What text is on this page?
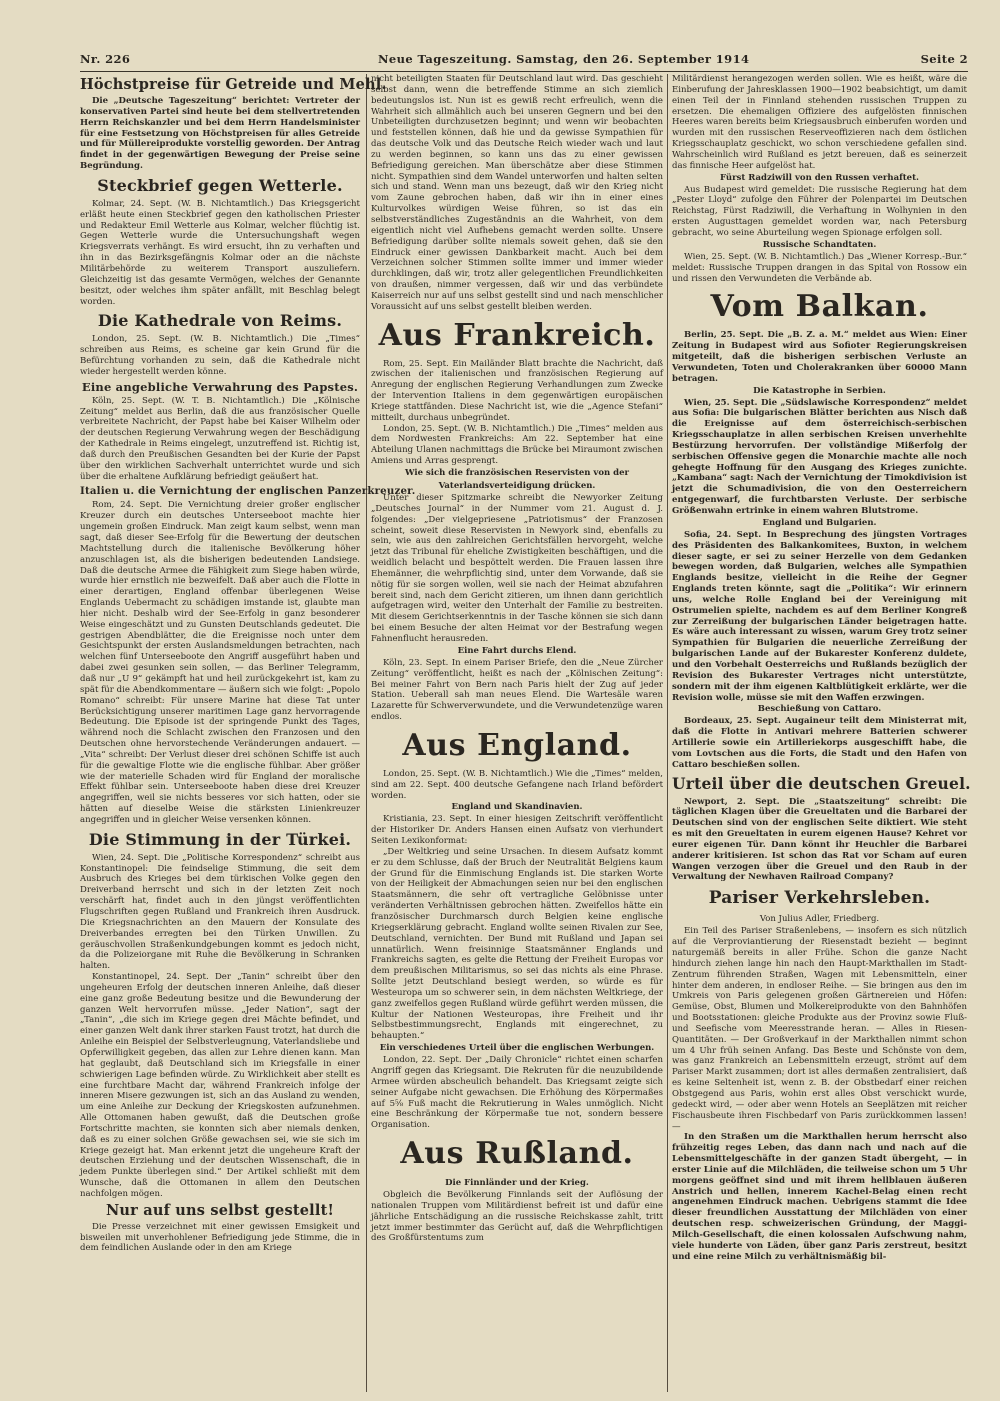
Nr. 226	Neue Tageszeitung. Samstag, den 26. September 1914	Seite 2
Höchstpreise für Getreide und Mehl.

Die „Deutsche Tageszeitung“ berichtet: Vertreter der konservativen Partei sind heute bei dem stellvertretenden Herrn Reichskanzler und bei dem Herrn Handelsminister für eine Festsetzung von Höchstpreisen für alles Getreide und für Müllereiprodukte vorstellig geworden. Der Antrag findet in der gegenwärtigen Bewegung der Preise seine Begründung.

Steckbrief gegen Wetterle.

Kolmar, 24. Sept. (W. B. Nichtamtlich.) Das Kriegsgericht erläßt heute einen Steckbrief gegen den katholischen Priester und Redakteur Emil Wetterle aus Kolmar, welcher flüchtig ist. Gegen Wetterle wurde die Untersuchungshaft wegen Kriegsverrats verhängt. Es wird ersucht, ihn zu verhaften und ihn in das Bezirksgefängnis Kolmar oder an die nächste Militärbehörde zu weiterem Transport auszuliefern. Gleichzeitig ist das gesamte Vermögen, welches der Genannte besitzt, oder welches ihm später anfällt, mit Beschlag belegt worden.

Die Kathedrale von Reims.

London, 25. Sept. (W. B. Nichtamtlich.) Die „Times“ schreiben aus Reims, es scheine gar kein Grund für die Befürchtung vorhanden zu sein, daß die Kathedrale nicht wieder hergestellt werden könne.

Eine angebliche Verwahrung des Papstes.

Köln, 25. Sept. (W. T. B. Nichtamtlich.) Die „Kölnische Zeitung“ meldet aus Berlin, daß die aus französischer Quelle verbreitete Nachricht, der Papst habe bei Kaiser Wilhelm oder der deutschen Regierung Verwahrung wegen der Beschädigung der Kathedrale in Reims eingelegt, unzutreffend ist. Richtig ist, daß durch den Preußischen Gesandten bei der Kurie der Papst über den wirklichen Sachverhalt unterrichtet wurde und sich über die erhaltene Aufklärung befriedigt geäußert hat.

Italien u. die Vernichtung der englischen Panzerkreuzer.

Rom, 24. Sept. Die Vernichtung dreier großer englischer Kreuzer durch ein deutsches Unterseeboot machte hier ungemein großen Eindruck. Man zeigt kaum selbst, wenn man sagt, daß dieser See-Erfolg für die Bewertung der deutschen Machtstellung durch die italienische Bevölkerung höher anzuschlagen ist, als die bisherigen bedeutenden Landsiege. Daß die deutsche Armee die Fähigkeit zum Siege haben würde, wurde hier ernstlich nie bezweifelt. Daß aber auch die Flotte in einer derartigen, England offenbar überlegenen Weise Englands Uebermacht zu schädigen imstande ist, glaubte man hier nicht. Deshalb wird der See-Erfolg in ganz besonderer Weise eingeschätzt und zu Gunsten Deutschlands gedeutet. Die gestrigen Abendblätter, die die Ereignisse noch unter dem Gesichtspunkt der ersten Auslandsmeldungen betrachten, nach welchen fünf Unterseeboote den Angriff ausgeführt haben und dabei zwei gesunken sein sollen, — das Berliner Telegramm, daß nur „U 9“ gekämpft hat und heil zurückgekehrt ist, kam zu spät für die Abendkommentare — äußern sich wie folgt: „Popolo Romano“ schreibt: Für unsere Marine hat diese Tat unter Berücksichtigung unserer maritimen Lage ganz hervorragende Bedeutung. Die Episode ist der springende Punkt des Tages, während noch die Schlacht zwischen den Franzosen und den Deutschen ohne hervorstechende Veränderungen andauert. — „Vita“ schreibt: Der Verlust dieser drei schönen Schiffe ist auch für die gewaltige Flotte wie die englische fühlbar. Aber größer wie der materielle Schaden wird für England der moralische Effekt fühlbar sein. Unterseeboote haben diese drei Kreuzer angegriffen, weil sie nichts besseres vor sich hatten, oder sie hätten auf dieselbe Weise die stärksten Linienkreuzer angegriffen und in gleicher Weise versenken können.

Die Stimmung in der Türkei.

Wien, 24. Sept. Die „Politische Korrespondenz“ schreibt aus Konstantinopel: Die feindselige Stimmung, die seit dem Ausbruch des Krieges bei dem türkischen Volke gegen den Dreiverband herrscht und sich in der letzten Zeit noch verschärft hat, findet auch in den jüngst veröffentlichten Flugschriften gegen Rußland und Frankreich ihren Ausdruck. Die Kriegsnachrichten an den Mauern der Konsulate des Dreiverbandes erregten bei den Türken Unwillen. Zu geräuschvollen Straßenkundgebungen kommt es jedoch nicht, da die Polizeiorgane mit Ruhe die Bevölkerung in Schranken halten.

Konstantinopel, 24. Sept. Der „Tanin“ schreibt über den ungeheuren Erfolg der deutschen inneren Anleihe, daß dieser eine ganz große Bedeutung besitze und die Bewunderung der ganzen Welt hervorrufen müsse. „Jeder Nation“, sagt der „Tanin“, „die sich im Kriege gegen drei Mächte befindet, und einer ganzen Welt dank ihrer starken Faust trotzt, hat durch die Anleihe ein Beispiel der Selbstverleugnung, Vaterlandsliebe und Opferwilligkeit gegeben, das allen zur Lehre dienen kann. Man hat geglaubt, daß Deutschland sich im Kriegsfalle in einer schwierigen Lage befinden würde. Zu Wirklichkeit aber stellt es eine furchtbare Macht dar, während Frankreich infolge der inneren Misere gezwungen ist, sich an das Ausland zu wenden, um eine Anleihe zur Deckung der Kriegskosten aufzunehmen. Alle Ottomanen haben gewußt, daß die Deutschen große Fortschritte machten, sie konnten sich aber niemals denken, daß es zu einer solchen Größe gewachsen sei, wie sie sich im Kriege gezeigt hat. Man erkennt jetzt die ungeheure Kraft der deutschen Erziehung und der deutschen Wissenschaft, die in jedem Punkte überlegen sind.“ Der Artikel schließt mit dem Wunsche, daß die Ottomanen in allem den Deutschen nachfolgen mögen.

Nur auf uns selbst gestellt!

Die Presse verzeichnet mit einer gewissen Emsigkeit und bisweilen mit unverhohlener Befriedigung jede Stimme, die in dem feindlichen Auslande oder in den am Kriege

nicht beteiligten Staaten für Deutschland laut wird. Das geschieht selbst dann, wenn die betreffende Stimme an sich ziemlich bedeutungslos ist. Nun ist es gewiß recht erfreulich, wenn die Wahrheit sich allmählich auch bei unseren Gegnern und bei den Unbeteiligten durchzusetzen beginnt; und wenn wir beobachten und feststellen können, daß hie und da gewisse Sympathien für das deutsche Volk und das Deutsche Reich wieder wach und laut zu werden beginnen, so kann uns das zu einer gewissen Befriedigung gereichen. Man überschätze aber diese Stimmen nicht. Sympathien sind dem Wandel unterworfen und halten selten sich und stand. Wenn man uns bezeugt, daß wir den Krieg nicht vom Zaune gebrochen haben, daß wir ihn in einer eines Kulturvolkes würdigen Weise führen, so ist das ein selbstverständliches Zugeständnis an die Wahrheit, von dem eigentlich nicht viel Aufhebens gemacht werden sollte. Unsere Befriedigung darüber sollte niemals soweit gehen, daß sie den Eindruck einer gewissen Dankbarkeit macht. Auch bei dem Verzeichnen solcher Stimmen sollte immer und immer wieder durchklingen, daß wir, trotz aller gelegentlichen Freundlichkeiten von draußen, nimmer vergessen, daß wir und das verbündete Kaiserreich nur auf uns selbst gestellt sind und nach menschlicher Voraussicht auf uns selbst gestellt bleiben werden.

Aus Frankreich.

Rom, 25. Sept. Ein Mailänder Blatt brachte die Nachricht, daß zwischen der italienischen und französischen Regierung auf Anregung der englischen Regierung Verhandlungen zum Zwecke der Intervention Italiens in dem gegenwärtigen europäischen Kriege stattfänden. Diese Nachricht ist, wie die „Agence Stefani“ mitteilt, durchaus unbegründet.

London, 25. Sept. (W. B. Nichtamtlich.) Die „Times“ melden aus dem Nordwesten Frankreichs: Am 22. September hat eine Abteilung Ulanen nachmittags die Brücke bei Miraumont zwischen Amiens und Arras gesprengt.

Wie sich die französischen Reservisten von der Vaterlandsverteidigung drücken.

Unter dieser Spitzmarke schreibt die Newyorker Zeitung „Deutsches Journal“ in der Nummer vom 21. August d. J. folgendes: „Der vielgepriesene „Patriotismus“ der Franzosen scheint, soweit diese Reservisten in Newyork sind, ebenfalls zu sein, wie aus den zahlreichen Gerichtsfällen hervorgeht, welche jetzt das Tribunal für eheliche Zwistigkeiten beschäftigen, und die weidlich belacht und bespöttelt werden. Die Frauen lassen ihre Ehemänner, die wehrpflichtig sind, unter dem Vorwande, daß sie nötig für sie sorgen wollen, weil sie nach der Heimat abzufahren bereit sind, nach dem Gericht zitieren, um ihnen dann gerichtlich aufgetragen wird, weiter den Unterhalt der Familie zu bestreiten. Mit diesem Gerichtserkenntnis in der Tasche können sie sich dann bei einem Besuche der alten Heimat vor der Bestrafung wegen Fahnenflucht herausreden.

Eine Fahrt durchs Elend.

Köln, 23. Sept. In einem Pariser Briefe, den die „Neue Zürcher Zeitung“ veröffentlicht, heißt es nach der „Kölnischen Zeitung“: Bei meiner Fahrt von Bern nach Paris hielt der Zug auf jeder Station. Ueberall sah man neues Elend. Die Wartesäle waren Lazarette für Schwerverwundete, und die Verwundetenzüge waren endlos.

Aus England.

London, 25. Sept. (W. B. Nichtamtlich.) Wie die „Times“ melden, sind am 22. Sept. 400 deutsche Gefangene nach Irland befördert worden.

England und Skandinavien.

Kristiania, 23. Sept. In einer hiesigen Zeitschrift veröffentlicht der Historiker Dr. Anders Hansen einen Aufsatz von vierhundert Seiten Lexikonformat:

„Der Weltkrieg und seine Ursachen. In diesem Aufsatz kommt er zu dem Schlusse, daß der Bruch der Neutralität Belgiens kaum der Grund für die Einmischung Englands ist. Die starken Worte von der Heiligkeit der Abmachungen seien nur bei den englischen Staatsmännern, die sehr oft vertragliche Gelöbnisse unter veränderten Verhältnissen gebrochen hätten. Zweifellos hätte ein französischer Durchmarsch durch Belgien keine englische Kriegserklärung gebracht. England wollte seinen Rivalen zur See, Deutschland, vernichten. Der Bund mit Rußland und Japan sei unnatürlich. Wenn freisinnige Staatsmänner Englands und Frankreichs sagten, es gelte die Rettung der Freiheit Europas vor dem preußischen Militarismus, so sei das nichts als eine Phrase. Sollte jetzt Deutschland besiegt werden, so würde es für Westeuropa um so schwerer sein, in dem nächsten Weltkriege, der ganz zweifellos gegen Rußland würde geführt werden müssen, die Kultur der Nationen Westeuropas, ihre Freiheit und ihr Selbstbestimmungsrecht, Englands mit eingerechnet, zu behaupten.“

Ein verschiedenes Urteil über die englischen Werbungen.

London, 22. Sept. Der „Daily Chronicle“ richtet einen scharfen Angriff gegen das Kriegsamt. Die Rekruten für die neuzubildende Armee würden abscheulich behandelt. Das Kriegsamt zeigte sich seiner Aufgabe nicht gewachsen. Die Erhöhung des Körpermaßes auf 5⅝ Fuß macht die Rekrutierung in Wales unmöglich. Nicht eine Beschränkung der Körpermaße tue not, sondern bessere Organisation.

Aus Rußland.
Die Finnländer und der Krieg.

Obgleich die Bevölkerung Finnlands seit der Auflösung der nationalen Truppen vom Militärdienst befreit ist und dafür eine jährliche Entschädigung an die russische Reichskasse zahlt, tritt jetzt immer bestimmter das Gerücht auf, daß die Wehrpflichtigen des Großfürstentums zum

Militärdienst herangezogen werden sollen. Wie es heißt, wäre die Einberufung der Jahresklassen 1900—1902 beabsichtigt, um damit einen Teil der in Finnland stehenden russischen Truppen zu ersetzen. Die ehemaligen Offiziere des aufgelösten finnischen Heeres waren bereits beim Kriegsausbruch einberufen worden und wurden mit den russischen Reserveoffizieren nach dem östlichen Kriegsschauplatz geschickt, wo schon verschiedene gefallen sind. Wahrscheinlich wird Rußland es jetzt bereuen, daß es seinerzeit das finnische Heer aufgelöst hat.

Fürst Radziwill von den Russen verhaftet.

Aus Budapest wird gemeldet: Die russische Regierung hat dem „Pester Lloyd“ zufolge den Führer der Polenpartei im Deutschen Reichstag, Fürst Radziwill, die Verhaftung in Wolhynien in den ersten Augusttagen gemeldet worden war, nach Petersburg gebracht, wo seine Aburteilung wegen Spionage erfolgen soll.

Russische Schandtaten.

Wien, 25. Sept. (W. B. Nichtamtlich.) Das „Wiener Korresp.-Bur.“ meldet: Russische Truppen drangen in das Spital von Rossow ein und rissen den Verwundeten die Verbände ab.

Vom Balkan.

Berlin, 25. Sept. Die „B. Z. a. M.“ meldet aus Wien: Einer Zeitung in Budapest wird aus Sofioter Regierungskreisen mitgeteilt, daß die bisherigen serbischen Verluste an Verwundeten, Toten und Cholerakranken über 60000 Mann betragen.

Die Katastrophe in Serbien.

Wien, 25. Sept. Die „Südslawische Korrespondenz“ meldet aus Sofia: Die bulgarischen Blätter berichten aus Nisch daß die Ereignisse auf dem österreichisch-serbischen Kriegsschauplatze in allen serbischen Kreisen unverhehlte Bestürzung hervorrufen. Der vollständige Mißerfolg der serbischen Offensive gegen die Monarchie machte alle noch gehegte Hoffnung für den Ausgang des Krieges zunichte. „Kambana“ sagt: Nach der Vernichtung der Timokdivision ist jetzt die Schumadivision, die von den Oesterreichern entgegenwarf, die furchtbarsten Verluste. Der serbische Größenwahn ertrinke in einem wahren Blutstrome.

England und Bulgarien.

Sofia, 24. Sept. In Besprechung des jüngsten Vortrages des Präsidenten des Balkankomitees, Buxton, in welchem dieser sagte, er sei zu seiner Herzelle von dem Gedanken bewegen worden, daß Bulgarien, welches alle Sympathien Englands besitze, vielleicht in die Reihe der Gegner Englands treten könnte, sagt die „Politika“: Wir erinnern uns, welche Rolle England bei der Vereinigung mit Ostrumelien spielte, nachdem es auf dem Berliner Kongreß zur Zerreißung der bulgarischen Länder beigetragen hatte. Es wäre auch interessant zu wissen, warum Grey trotz seiner Sympathien für Bulgarien die neuerliche Zerreißung der bulgarischen Lande auf der Bukarester Konferenz duldete, und den Vorbehalt Oesterreichs und Rußlands bezüglich der Revision des Bukarester Vertrages nicht unterstützte, sondern mit der ihm eigenen Kaltblütigkeit erklärte, wer die Revision wolle, müsse sie mit den Waffen erzwingen.

Beschießung von Cattaro.

Bordeaux, 25. Sept. Augaineur teilt dem Ministerrat mit, daß die Flotte in Antivari mehrere Batterien schwerer Artillerie sowie ein Artilleriekorps ausgeschifft habe, die vom Lovtschen aus die Forts, die Stadt und den Hafen von Cattaro beschießen sollen.

Urteil über die deutschen Greuel.

Newport, 2. Sept. Die „Staatszeitung“ schreibt: Die täglichen Klagen über die Greueltaten und die Barbarei der Deutschen sind von der englischen Seite diktiert. Wie steht es mit den Greueltaten in eurem eigenen Hause? Kehret vor eurer eigenen Tür. Dann könnt ihr Heuchler die Barbarei anderer kritisieren. Ist schon das Rat vor Scham auf euren Wangen verzogen über die Greuel und den Raub in der Verwaltung der Newhaven Railroad Company?

Pariser Verkehrsleben.
Von Julius Adler, Friedberg.

Ein Teil des Pariser Straßenlebens, — insofern es sich nützlich auf die Verproviantierung der Riesenstadt bezieht — beginnt naturgemäß bereits in aller Frühe. Schon die ganze Nacht hindurch ziehen lange hin nach den Haupt-Markthallen im Stadt-Zentrum führenden Straßen, Wagen mit Lebensmitteln, einer hinter dem anderen, in endloser Reihe. — Sie bringen aus den im Umkreis von Paris gelegenen großen Gärtnereien und Höfen: Gemüse, Obst, Blumen und Molkereiprodukte von den Bahnhöfen und Bootsstationen: gleiche Produkte aus der Provinz sowie Fluß- und Seefische vom Meeresstrande heran. — Alles in Riesen-Quantitäten. — Der Großverkauf in der Markthallen nimmt schon um 4 Uhr früh seinen Anfang. Das Beste und Schönste von dem, was ganz Frankreich an Lebensmitteln erzeugt, strömt auf dem Pariser Markt zusammen; dort ist alles dermaßen zentralisiert, daß es keine Seltenheit ist, wenn z. B. der Obstbedarf einer reichen Obstgegend aus Paris, wohin erst alles Obst verschickt wurde, gedeckt wird, — oder aber wenn Hotels an Seeplätzen mit reicher Fischausbeute ihren Fischbedarf von Paris zurückkommen lassen! —

In den Straßen um die Markthallen herum herrscht also frühzeitig reges Leben, das dann nach und nach auf die Lebensmittelgeschäfte in der ganzen Stadt übergeht, — in erster Linie auf die Milchläden, die teilweise schon um 5 Uhr morgens geöffnet sind und mit ihrem hellblauen äußeren Anstrich und hellen, innerem Kachel-Belag einen recht angenehmen Eindruck machen. Uebrigens stammt die Idee dieser freundlichen Ausstattung der Milchläden von einer deutschen resp. schweizerischen Gründung, der Maggi-Milch-Gesellschaft, die einen kolossalen Aufschwung nahm, viele hunderte von Läden, über ganz Paris zerstreut, besitzt und eine reine Milch zu verhältnismäßig bil-
